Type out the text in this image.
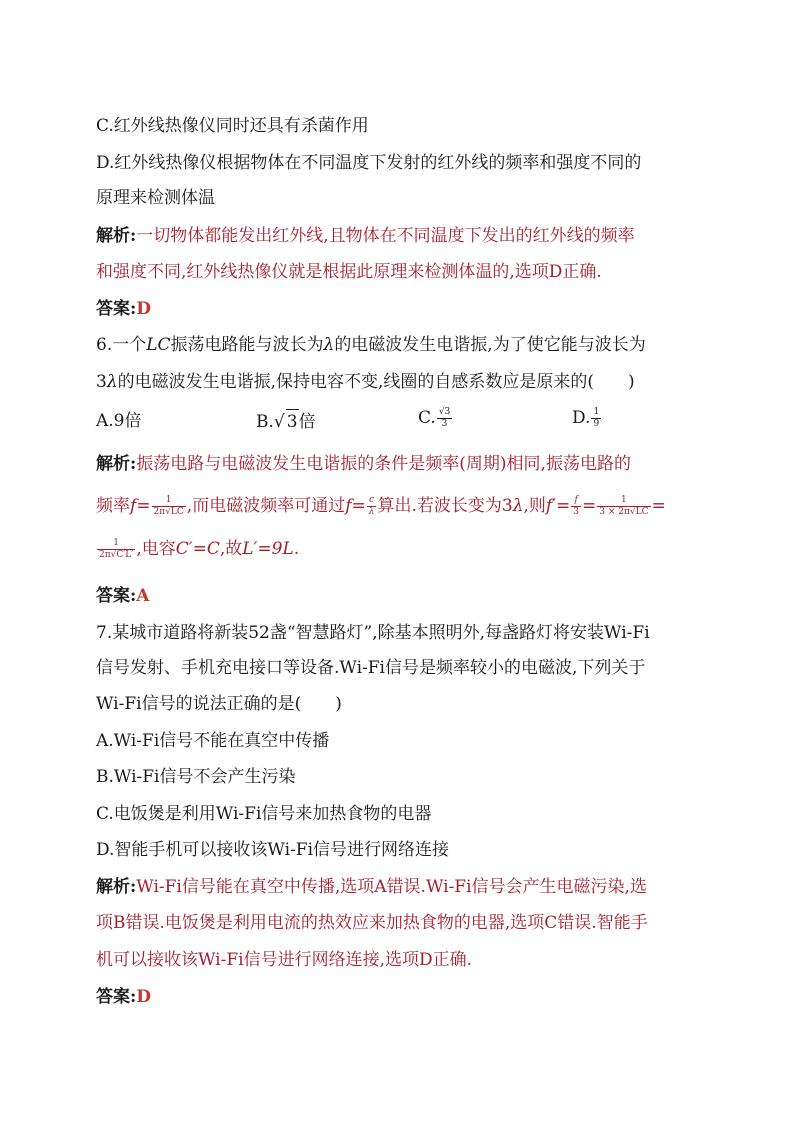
C.红外线热像仪同时还具有杀菌作用
D.红外线热像仪根据物体在不同温度下发射的红外线的频率和强度不同的
原理来检测体温
解析:一切物体都能发出红外线,且物体在不同温度下发出的红外线的频率
和强度不同,红外线热像仪就是根据此原理来检测体温的,选项D正确.
答案:D
6.一个LC振荡电路能与波长为λ的电磁波发生电谐振,为了使它能与波长为
3λ的电磁波发生电谐振,保持电容不变,线圈的自感系数应是原来的(　　)
A.9倍	B.√ 3倍	C. $\frac{√3}{3}$	D. $\frac{1}{9}$
解析:振荡电路与电磁波发生电谐振的条件是频率(周期)相同,振荡电路的
频率$f= \frac{1}{2\pi√LC}$ ,而电磁波频率可通过$f= \frac{c}{\lambda}$ 算出.若波长变为3λ,则$f'= \frac{f}{3} = \frac{1}{3 \times 2\pi√LC}$ =
$\frac{1}{2\pi√C'L'}$ ,电容C′=C,故L′=9L.
答案:A
7.某城市道路将新装52盏“智慧路灯”,除基本照明外,每盏路灯将安装Wi-Fi
信号发射、手机充电接口等设备.Wi-Fi信号是频率较小的电磁波,下列关于
Wi-Fi信号的说法正确的是(　　)
A.Wi-Fi信号不能在真空中传播
B.Wi-Fi信号不会产生污染
C.电饭煲是利用Wi-Fi信号来加热食物的电器
D.智能手机可以接收该Wi-Fi信号进行网络连接
解析:Wi-Fi信号能在真空中传播,选项A错误.Wi-Fi信号会产生电磁污染,选
项B错误.电饭煲是利用电流的热效应来加热食物的电器,选项C错误.智能手
机可以接收该Wi-Fi信号进行网络连接,选项D正确.
答案:D
